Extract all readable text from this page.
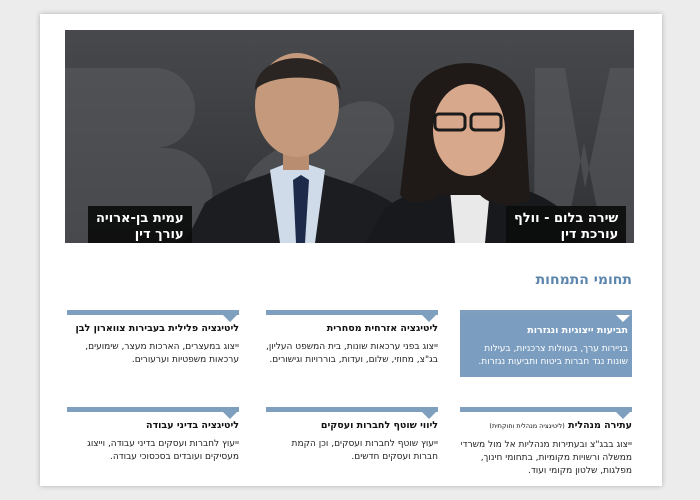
עמית בן-ארויה
עורך דין
שירה בלום - וולף
עורכת דין
תחומי התמחות
תביעות ייצוגיות ונגזרות
בניירות ערך, בעוולות צרכניות, בעילות שונות נגד חברות ביטוח ותביעות נגזרות.
ליטיגציה אזרחית מסחרית
ייצוג בפני ערכאות שונות, בית המשפט העליון, בג"צ, מחוזי, שלום, ועדות, בוררויות וגישורים.
ליטיגציה פלילית בעבירות צווארון לבן
ייצוג במעצרים, הארכות מעצר, שימועים, ערכאות משפטיות וערעורים.
עתירה מנהלית (ליטיגציה מנהלית וחוקתית)
ייצוג בבג"צ ובעתירות מנהליות אל מול משרדי ממשלה ורשויות מקומיות, בתחומי חינוך, מפלגות, שלטון מקומי ועוד.
ליווי שוטף לחברות ועסקים
ייעוץ שוטף לחברות ועסקים, וכן הקמת חברות ועסקים חדשים.
ליטיגציה בדיני עבודה
ייעוץ לחברות ועסקים בדיני עבודה, וייצוג מעסיקים ועובדים בסכסוכי עבודה.
